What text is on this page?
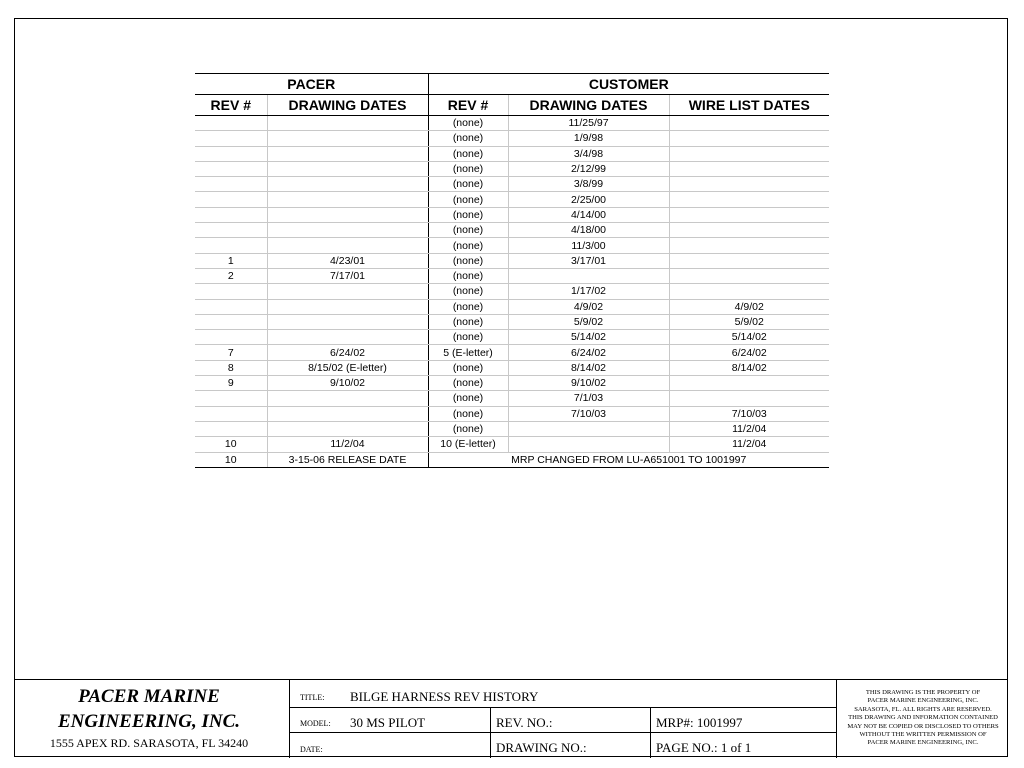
PACER		CUSTOMER		
REV #	DRAWING DATES	REV #	DRAWING DATES	WIRE LIST DATES
		(none)	11/25/97	
		(none)	1/9/98	
		(none)	3/4/98	
		(none)	2/12/99	
		(none)	3/8/99	
		(none)	2/25/00	
		(none)	4/14/00	
		(none)	4/18/00	
		(none)	11/3/00	
1	4/23/01	(none)	3/17/01	
2	7/17/01	(none)		
		(none)	1/17/02	
		(none)	4/9/02	4/9/02
		(none)	5/9/02	5/9/02
		(none)	5/14/02	5/14/02
7	6/24/02	5 (E-letter)	6/24/02	6/24/02
8	8/15/02 (E-letter)	(none)	8/14/02	8/14/02
9	9/10/02	(none)	9/10/02	
		(none)	7/1/03	
		(none)	7/10/03	7/10/03
		(none)		11/2/04
10	11/2/04	10 (E-letter)		11/2/04
10	3-15-06 RELEASE DATE	MRP CHANGED FROM LU-A651001 TO 1001997		
PACER MARINE
ENGINEERING, INC.
1555 APEX RD. SARASOTA, FL 34240
TITLE: BILGE HARNESS REV HISTORY
MODEL: 30 MS PILOT	REV. NO.:	MRP#: 1001997
DATE:	DRAWING NO.:	PAGE NO.: 1 of 1
THIS DRAWING IS THE PROPERTY OF
PACER MARINE ENGINEERING, INC.
SARASOTA, FL. ALL RIGHTS ARE RESERVED.
THIS DRAWING AND INFORMATION CONTAINED
MAY NOT BE COPIED OR DISCLOSED TO OTHERS
WITHOUT THE WRITTEN PERMISSION OF
PACER MARINE ENGINEERING, INC.
